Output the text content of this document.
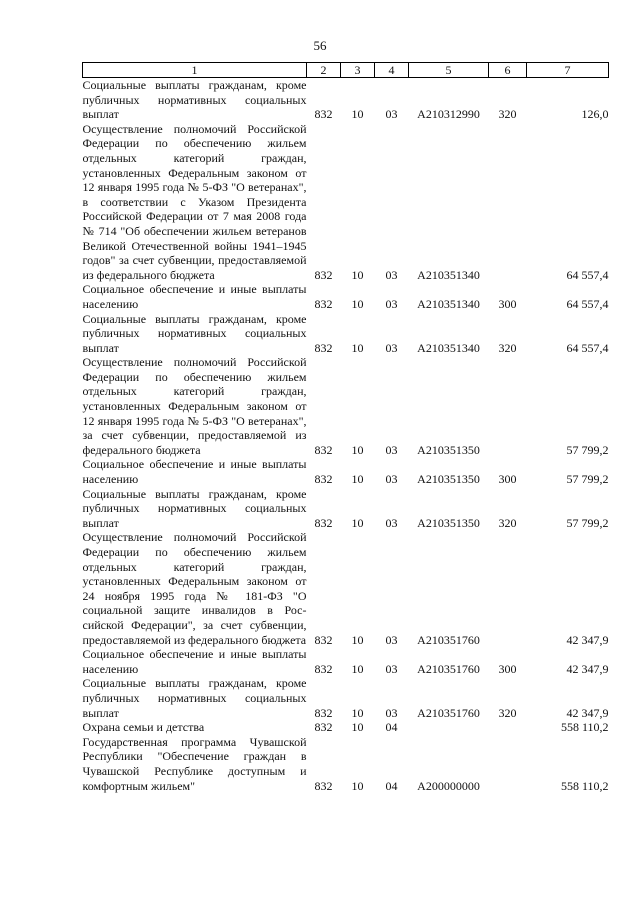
56
1	2	3	4	5	6	7
Социальные выплаты гражданам, кроме публичных нормативных социальных выплат	832	10	03	А210312990	320	126,0
Осуществление полномочий Российской Федерации по обеспечению жильем отдельных категорий граждан, установленных Федеральным законом от 12 января 1995 года № 5-ФЗ "О ветеранах", в соответствии с Указом Президента Российской Федерации от 7 мая 2008 года № 714 "Об обеспечении жильем ветеранов Великой Отечественной войны 1941–1945 годов" за счет субвенции, предоставляемой из федерального бюджета	832	10	03	А210351340		64 557,4
Социальное обеспечение и иные выплаты населению	832	10	03	А210351340	300	64 557,4
Социальные выплаты гражданам, кроме публичных нормативных социальных выплат	832	10	03	А210351340	320	64 557,4
Осуществление полномочий Российской Федерации по обеспечению жильем отдельных категорий граждан, установленных Федеральным законом от 12 января 1995 года № 5-ФЗ "О ветеранах", за счет субвенции, предоставляемой из федерального бюджета	832	10	03	А210351350		57 799,2
Социальное обеспечение и иные выплаты населению	832	10	03	А210351350	300	57 799,2
Социальные выплаты гражданам, кроме публичных нормативных социальных выплат	832	10	03	А210351350	320	57 799,2
Осуществление полномочий Российской Федерации по обеспечению жильем отдельных категорий граждан, установленных Федеральным законом от 24 ноября 1995 года № 181-ФЗ "О социальной защите инвалидов в Российской Федерации", за счет субвенции, предоставляемой из федерального бюджета	832	10	03	А210351760		42 347,9
Социальное обеспечение и иные выплаты населению	832	10	03	А210351760	300	42 347,9
Социальные выплаты гражданам, кроме публичных нормативных социальных выплат	832	10	03	А210351760	320	42 347,9
Охрана семьи и детства	832	10	04			558 110,2
Государственная программа Чувашской Республики "Обеспечение граждан в Чувашской Республике доступным и комфортным жильем"	832	10	04	А200000000		558 110,2
